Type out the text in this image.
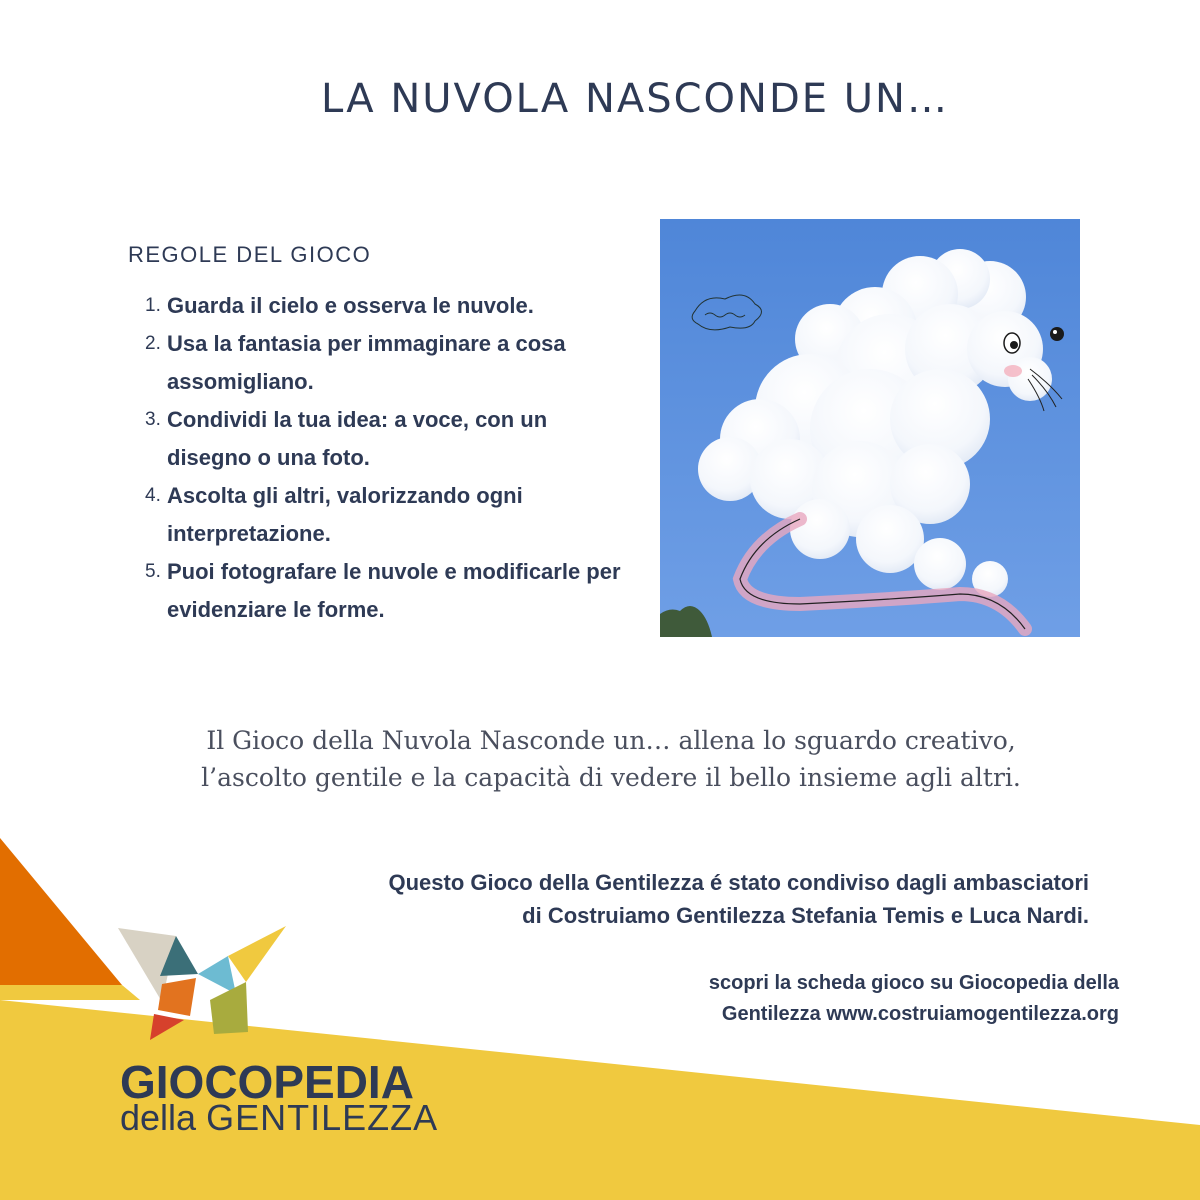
LA NUVOLA NASCONDE UN…
REGOLE DEL GIOCO
1. Guarda il cielo e osserva le nuvole.
2. Usa la fantasia per immaginare a cosa assomigliano.
3. Condividi la tua idea: a voce, con un disegno o una foto.
4. Ascolta gli altri, valorizzando ogni interpretazione.
5. Puoi fotografare le nuvole e modificarle per evidenziare le forme.

Il Gioco della Nuvola Nasconde un… allena lo sguardo creativo,
l’ascolto gentile e la capacità di vedere il bello insieme agli altri.

Questo Gioco della Gentilezza é stato condiviso dagli ambasciatori
di Costruiamo Gentilezza Stefania Temis e Luca Nardi.

scopri la scheda gioco su Giocopedia della
Gentilezza www.costruiamogentilezza.org

GIOCOPEDIA

della GENTILEZZA
